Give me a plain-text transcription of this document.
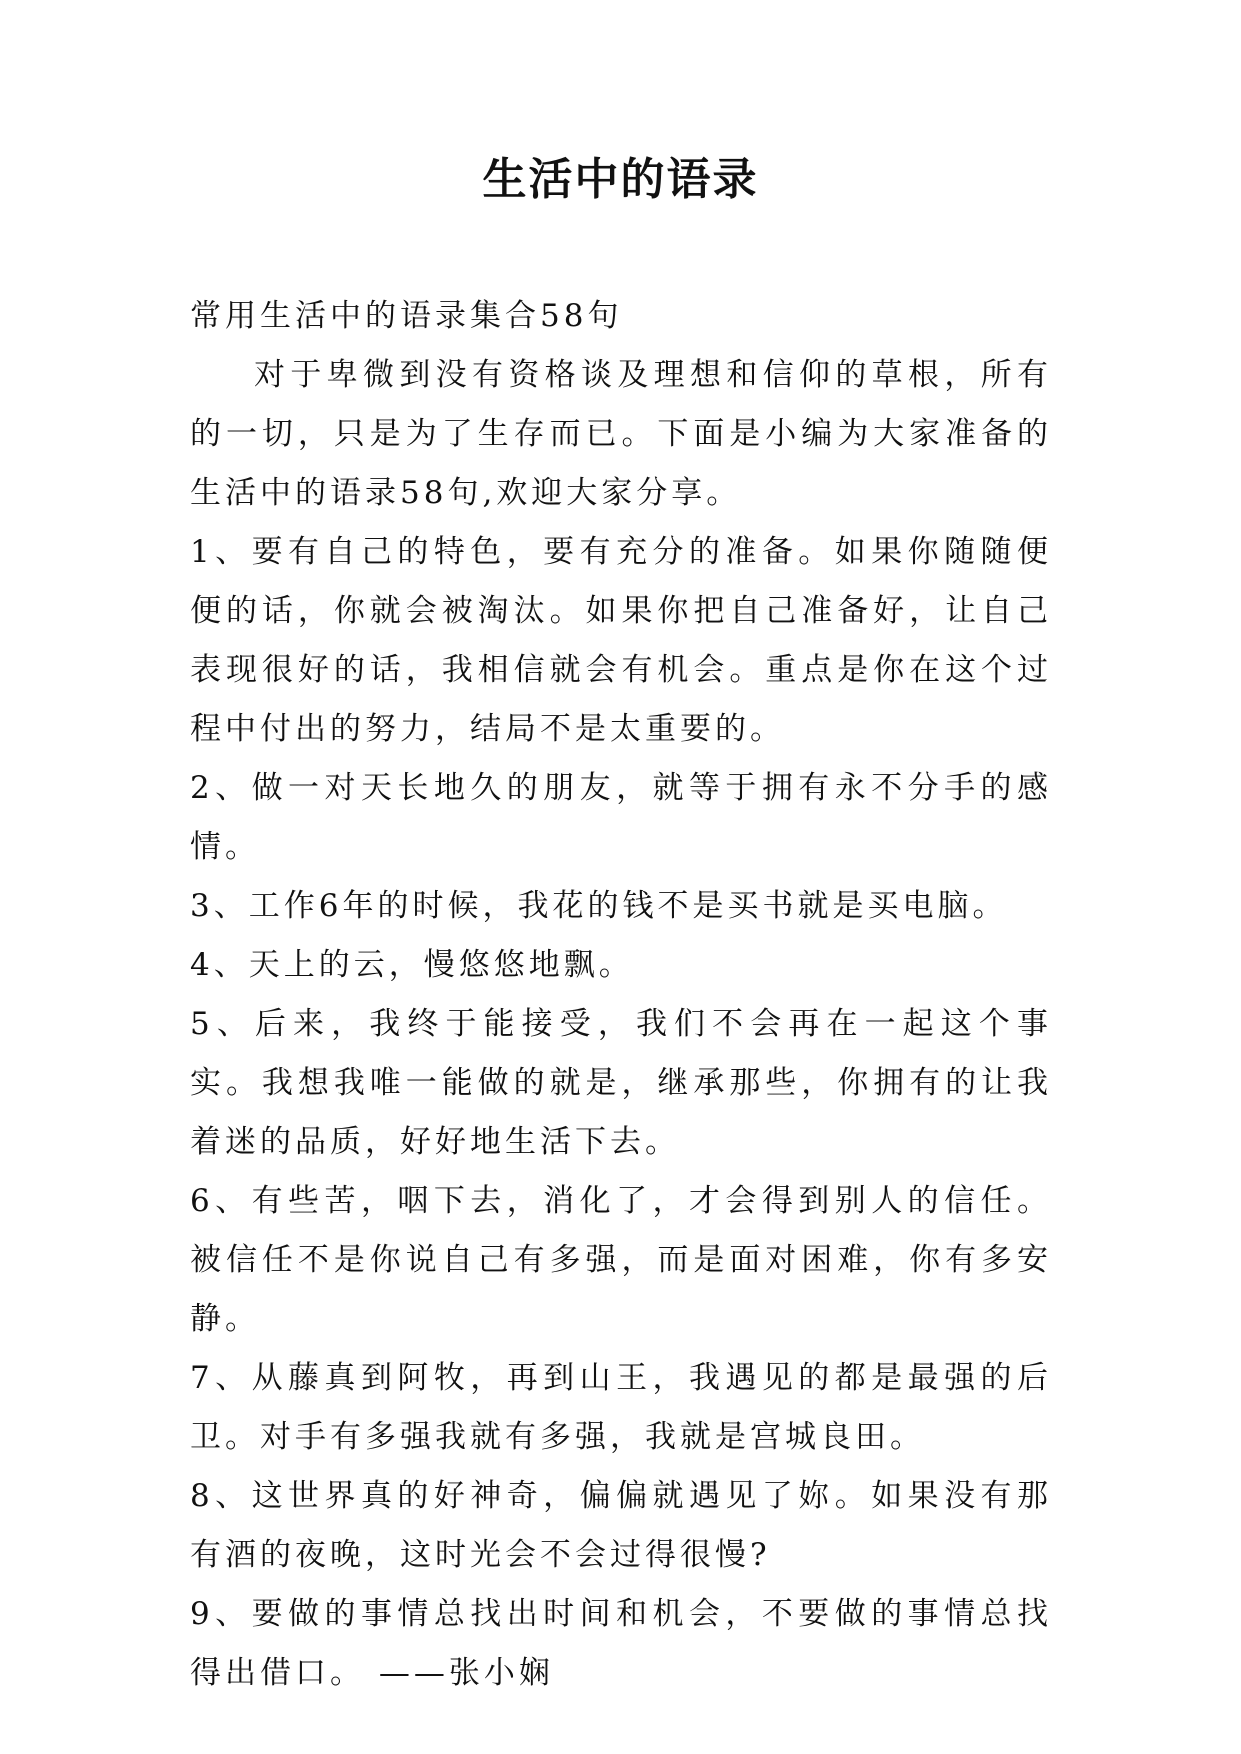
生活中的语录

常用生活中的语录集合58句

对于卑微到没有资格谈及理想和信仰的草根，所有的一切，只是为了生存而已。下面是小编为大家准备的生活中的语录58句,欢迎大家分享。

1、要有自己的特色，要有充分的准备。如果你随随便便的话，你就会被淘汰。如果你把自己准备好，让自己表现很好的话，我相信就会有机会。重点是你在这个过程中付出的努力，结局不是太重要的。

2、做一对天长地久的朋友，就等于拥有永不分手的感情。

3、工作6年的时候，我花的钱不是买书就是买电脑。

4、天上的云，慢悠悠地飘。

5、后来，我终于能接受，我们不会再在一起这个事实。我想我唯一能做的就是，继承那些，你拥有的让我着迷的品质，好好地生活下去。

6、有些苦，咽下去，消化了，才会得到别人的信任。被信任不是你说自己有多强，而是面对困难，你有多安静。

7、从藤真到阿牧，再到山王，我遇见的都是最强的后卫。对手有多强我就有多强，我就是宫城良田。

8、这世界真的好神奇，偏偏就遇见了妳。如果没有那有酒的夜晚，这时光会不会过得很慢?

9、要做的事情总找出时间和机会，不要做的事情总找得出借口。 ——张小娴
